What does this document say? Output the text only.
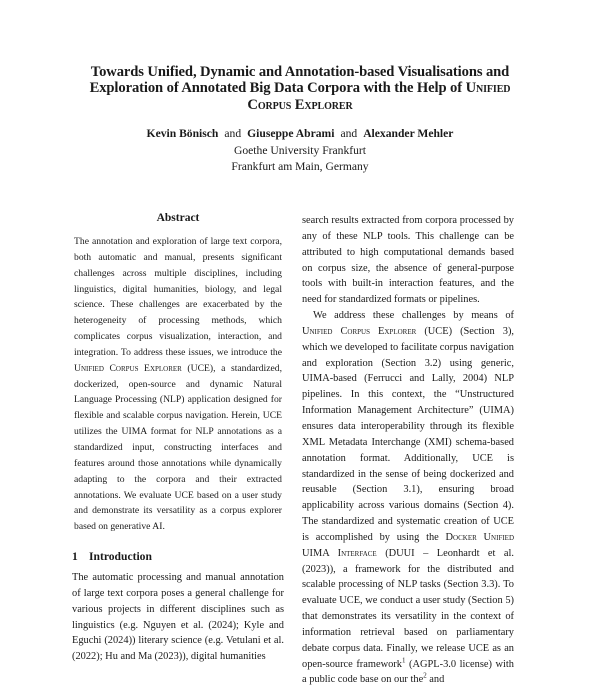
Towards Unified, Dynamic and Annotation-based Visualisations and
Exploration of Annotated Big Data Corpora with the Help of Unified
Corpus Explorer
Kevin Bönisch and Giuseppe Abrami and Alexander Mehler
Goethe University Frankfurt
Frankfurt am Main, Germany
Abstract
The annotation and exploration of large text corpora, both automatic and manual, presents significant challenges across multiple disciplines, including linguistics, digital humanities, biology, and legal science. These challenges are exacerbated by the heterogeneity of processing methods, which complicates corpus visualization, interaction, and integration. To address these issues, we introduce the Unified Corpus Explorer (UCE), a standardized, dockerized, open-source and dynamic Natural Language Processing (NLP) application designed for flexible and scalable corpus navigation. Herein, UCE utilizes the UIMA format for NLP annotations as a standardized input, constructing interfaces and features around those annotations while dynamically adapting to the corpora and their extracted annotations. We evaluate UCE based on a user study and demonstrate its versatility as a corpus explorer based on generative AI.
1 Introduction

The automatic processing and manual annotation of large text corpora poses a general challenge for various projects in different disciplines such as linguistics (e.g. Nguyen et al. (2024); Kyle and Eguchi (2024)) literary science (e.g. Vetulani et al. (2022); Hu and Ma (2023)), digital humanities

search results extracted from corpora processed by any of these NLP tools. This challenge can be attributed to high computational demands based on corpus size, the absence of general-purpose tools with built-in interaction features, and the need for standardized formats or pipelines.

We address these challenges by means of Unified Corpus Explorer (UCE) (Section 3), which we developed to facilitate corpus navigation and exploration (Section 3.2) using generic, UIMA-based (Ferrucci and Lally, 2004) NLP pipelines. In this context, the “Unstructured Information Management Architecture” (UIMA) ensures data interoperability through its flexible XML Metadata Interchange (XMI) schema-based annotation format. Additionally, UCE is standardized in the sense of being dockerized and reusable (Section 3.1), ensuring broad applicability across various domains (Section 4). The standardized and systematic creation of UCE is accomplished by using the Docker Unified UIMA Interface (DUUI – Leonhardt et al. (2023)), a framework for the distributed and scalable processing of NLP tasks (Section 3.3). To evaluate UCE, we conduct a user study (Section 5) that demonstrates its versatility in the context of information retrieval based on parliamentary debate corpus data. Finally, we release UCE as an open-source framework$^1$ (AGPL-3.0 license) with a public code base on our the$^2$ and
